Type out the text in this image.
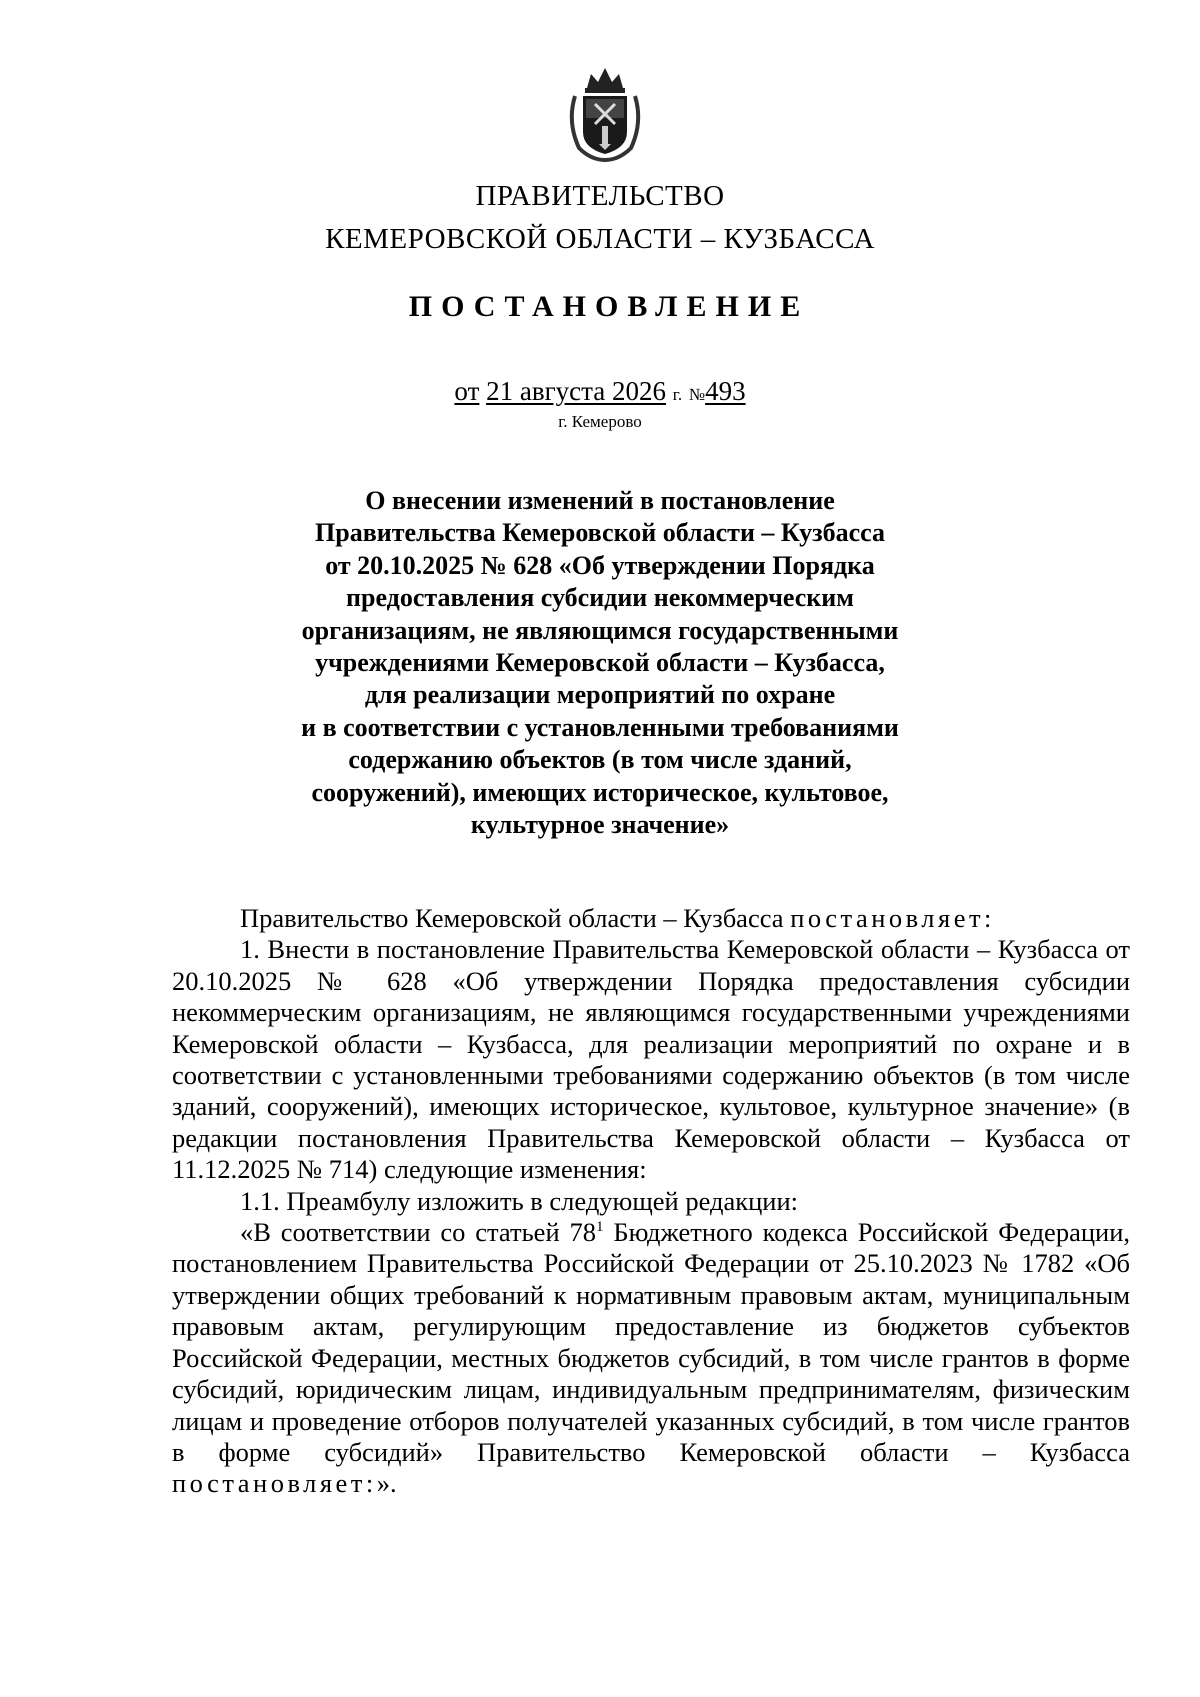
ПРАВИТЕЛЬСТВО
КЕМЕРОВСКОЙ ОБЛАСТИ – КУЗБАССА
ПОСТАНОВЛЕНИЕ
от 21 августа 2026 г. №493
г. Кемерово
О внесении изменений в постановление
Правительства Кемеровской области – Кузбасса
от 20.10.2025 № 628 «Об утверждении Порядка
предоставления субсидии некоммерческим
организациям, не являющимся государственными
учреждениями Кемеровской области – Кузбасса,
для реализации мероприятий по охране
и в соответствии с установленными требованиями
содержанию объектов (в том числе зданий,
сооружений), имеющих историческое, культовое,
культурное значение»

Правительство Кемеровской области – Кузбасса постановляет:

1. Внести в постановление Правительства Кемеровской области – Кузбасса от 20.10.2025 № 628 «Об утверждении Порядка предоставления субсидии некоммерческим организациям, не являющимся государственными учреждениями Кемеровской области – Кузбасса, для реализации мероприятий по охране и в соответствии с установленными требованиями содержанию объектов (в том числе зданий, сооружений), имеющих историческое, культовое, культурное значение» (в редакции постановления Правительства Кемеровской области – Кузбасса от 11.12.2025 № 714) следующие изменения:

1.1. Преамбулу изложить в следующей редакции:

«В соответствии со статьей $78^1$ Бюджетного кодекса Российской Федерации, постановлением Правительства Российской Федерации от 25.10.2023 № 1782 «Об утверждении общих требований к нормативным правовым актам, муниципальным правовым актам, регулирующим предоставление из бюджетов субъектов Российской Федерации, местных бюджетов субсидий, в том числе грантов в форме субсидий, юридическим лицам, индивидуальным предпринимателям, физическим лицам и проведение отборов получателей указанных субсидий, в том числе грантов в форме субсидий» Правительство Кемеровской области – Кузбасса постановляет:».
